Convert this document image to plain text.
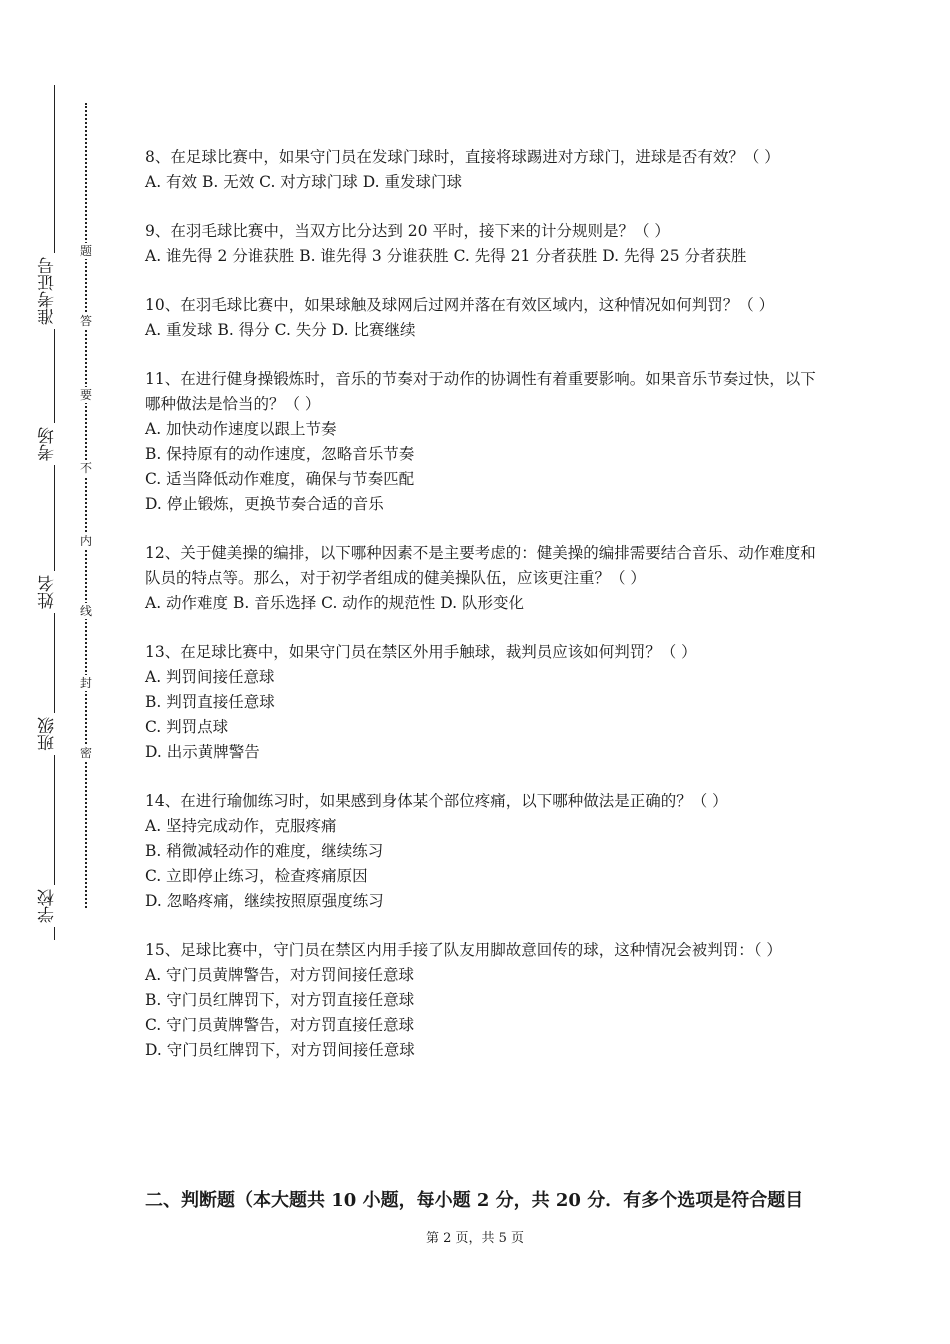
准考证号
考场
姓名
班级
学校
题
答
要
不
内
线
封
密

8、在足球比赛中，如果守门员在发球门球时，直接将球踢进对方球门，进球是否有效？（ ）

A. 有效 B. 无效 C. 对方球门球 D. 重发球门球

9、在羽毛球比赛中，当双方比分达到 20 平时，接下来的计分规则是？（ ）

A. 谁先得 2 分谁获胜 B. 谁先得 3 分谁获胜 C. 先得 21 分者获胜 D. 先得 25 分者获胜

10、在羽毛球比赛中，如果球触及球网后过网并落在有效区域内，这种情况如何判罚？（ ）

A. 重发球 B. 得分 C. 失分 D. 比赛继续

11、在进行健身操锻炼时，音乐的节奏对于动作的协调性有着重要影响。如果音乐节奏过快，以下哪种做法是恰当的？（ ）

A. 加快动作速度以跟上节奏

B. 保持原有的动作速度，忽略音乐节奏

C. 适当降低动作难度，确保与节奏匹配

D. 停止锻炼，更换节奏合适的音乐

12、关于健美操的编排，以下哪种因素不是主要考虑的：健美操的编排需要结合音乐、动作难度和队员的特点等。那么，对于初学者组成的健美操队伍，应该更注重？（ ）

A. 动作难度 B. 音乐选择 C. 动作的规范性 D. 队形变化

13、在足球比赛中，如果守门员在禁区外用手触球，裁判员应该如何判罚？（ ）

A. 判罚间接任意球

B. 判罚直接任意球

C. 判罚点球

D. 出示黄牌警告

14、在进行瑜伽练习时，如果感到身体某个部位疼痛，以下哪种做法是正确的？（ ）

A. 坚持完成动作，克服疼痛

B. 稍微减轻动作的难度，继续练习

C. 立即停止练习，检查疼痛原因

D. 忽略疼痛，继续按照原强度练习

15、足球比赛中，守门员在禁区内用手接了队友用脚故意回传的球，这种情况会被判罚：（ ）

A. 守门员黄牌警告，对方罚间接任意球

B. 守门员红牌罚下，对方罚直接任意球

C. 守门员黄牌警告，对方罚直接任意球

D. 守门员红牌罚下，对方罚间接任意球

二、判断题（本大题共 10 小题，每小题 2 分，共 20 分．有多个选项是符合题目
第 2 页，共 5 页
